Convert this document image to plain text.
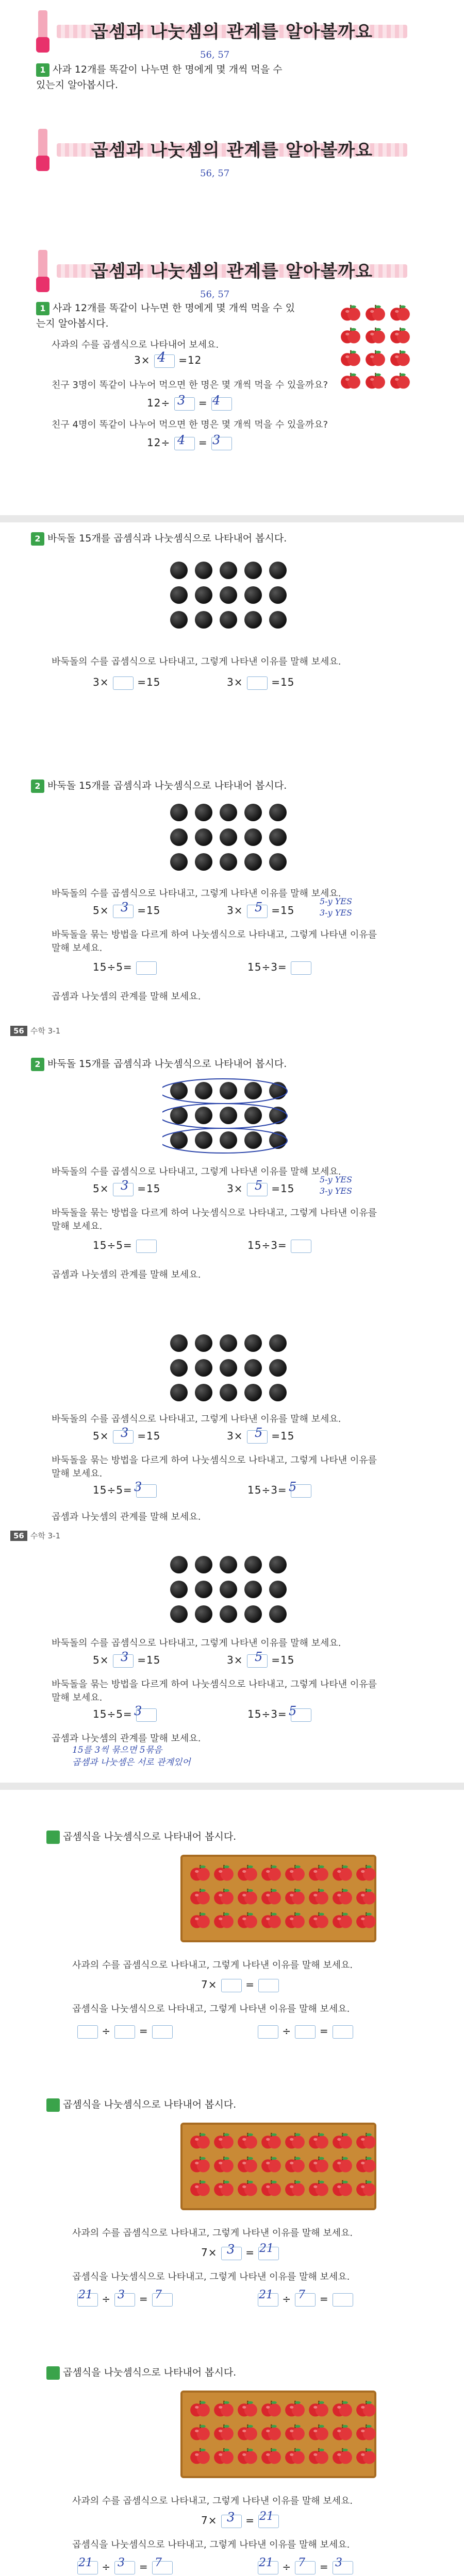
곱셈과 나눗셈의 관계를 알아볼까요
56, 57
1 사과 12개를 똑같이 나누면 한 명에게 몇 개씩 먹을 수 있는지 알아봅시다.
곱셈과 나눗셈의 관계를 알아볼까요
56, 57
곱셈과 나눗셈의 관계를 알아볼까요
56, 57
1 사과 12개를 똑같이 나누면 한 명에게 몇 개씩 먹을 수 있는지 알아봅시다.
사과의 수를 곱셈식으로 나타내어 보세요.
3×  =12
4
친구 3명이 똑같이 나누어 먹으면 한 명은 몇 개씩 먹을 수 있을까요?
12÷  =
3 4
친구 4명이 똑같이 나누어 먹으면 한 명은 몇 개씩 먹을 수 있을까요?
12÷  =
4 3
2 바둑돌 15개를 곱셈식과 나눗셈식으로 나타내어 봅시다.
바둑돌의 수를 곱셈식으로 나타내고, 그렇게 나타낸 이유를 말해 보세요.
3×  =15	3×  =15
2 바둑돌 15개를 곱셈식과 나눗셈식으로 나타내어 봅시다.
바둑돌의 수를 곱셈식으로 나타내고, 그렇게 나타낸 이유를 말해 보세요.
5×  =15
3	3×  =15
5	5-y YES
3-y YES
바둑돌을 묶는 방법을 다르게 하여 나눗셈식으로 나타내고, 그렇게 나타낸 이유를 말해 보세요.
15÷5=	15÷3=
곱셈과 나눗셈의 관계를 말해 보세요.
56 수학 3-1
2 바둑돌 15개를 곱셈식과 나눗셈식으로 나타내어 봅시다.
바둑돌의 수를 곱셈식으로 나타내고, 그렇게 나타낸 이유를 말해 보세요.
5×  =15
3	3×  =15
5	5-y YES
3-y YES
바둑돌을 묶는 방법을 다르게 하여 나눗셈식으로 나타내고, 그렇게 나타낸 이유를 말해 보세요.
15÷5=	15÷3=
곱셈과 나눗셈의 관계를 말해 보세요.
바둑돌의 수를 곱셈식으로 나타내고, 그렇게 나타낸 이유를 말해 보세요.
5×  =15
3	3×  =15
5
바둑돌을 묶는 방법을 다르게 하여 나눗셈식으로 나타내고, 그렇게 나타낸 이유를 말해 보세요.
15÷5=
3	15÷3=
5
곱셈과 나눗셈의 관계를 말해 보세요.
56 수학 3-1
바둑돌의 수를 곱셈식으로 나타내고, 그렇게 나타낸 이유를 말해 보세요.
5×  =15
3	3×  =15
5
바둑돌을 묶는 방법을 다르게 하여 나눗셈식으로 나타내고, 그렇게 나타낸 이유를 말해 보세요.
15÷5=
3	15÷3=
5
곱셈과 나눗셈의 관계를 말해 보세요.
15를 3씩 묶으면 5묶음
곱셈과 나눗셈은 서로 관계있어
곱셈식을 나눗셈식으로 나타내어 봅시다.
사과의 수를 곱셈식으로 나타내고, 그렇게 나타낸 이유를 말해 보세요.
7×  =
곱셈식을 나눗셈식으로 나타내고, 그렇게 나타낸 이유를 말해 보세요.
÷  =	÷  =
곱셈식을 나눗셈식으로 나타내어 봅시다.
사과의 수를 곱셈식으로 나타내고, 그렇게 나타낸 이유를 말해 보세요.
7×  =
3 21
곱셈식을 나눗셈식으로 나타내고, 그렇게 나타낸 이유를 말해 보세요.
÷  =
21 3	7	÷  =
21 7
곱셈식을 나눗셈식으로 나타내어 봅시다.
사과의 수를 곱셈식으로 나타내고, 그렇게 나타낸 이유를 말해 보세요.
7×  =
3 21
곱셈식을 나눗셈식으로 나타내고, 그렇게 나타낸 이유를 말해 보세요.
÷  =
21 3	7	÷  =
21 7	3
